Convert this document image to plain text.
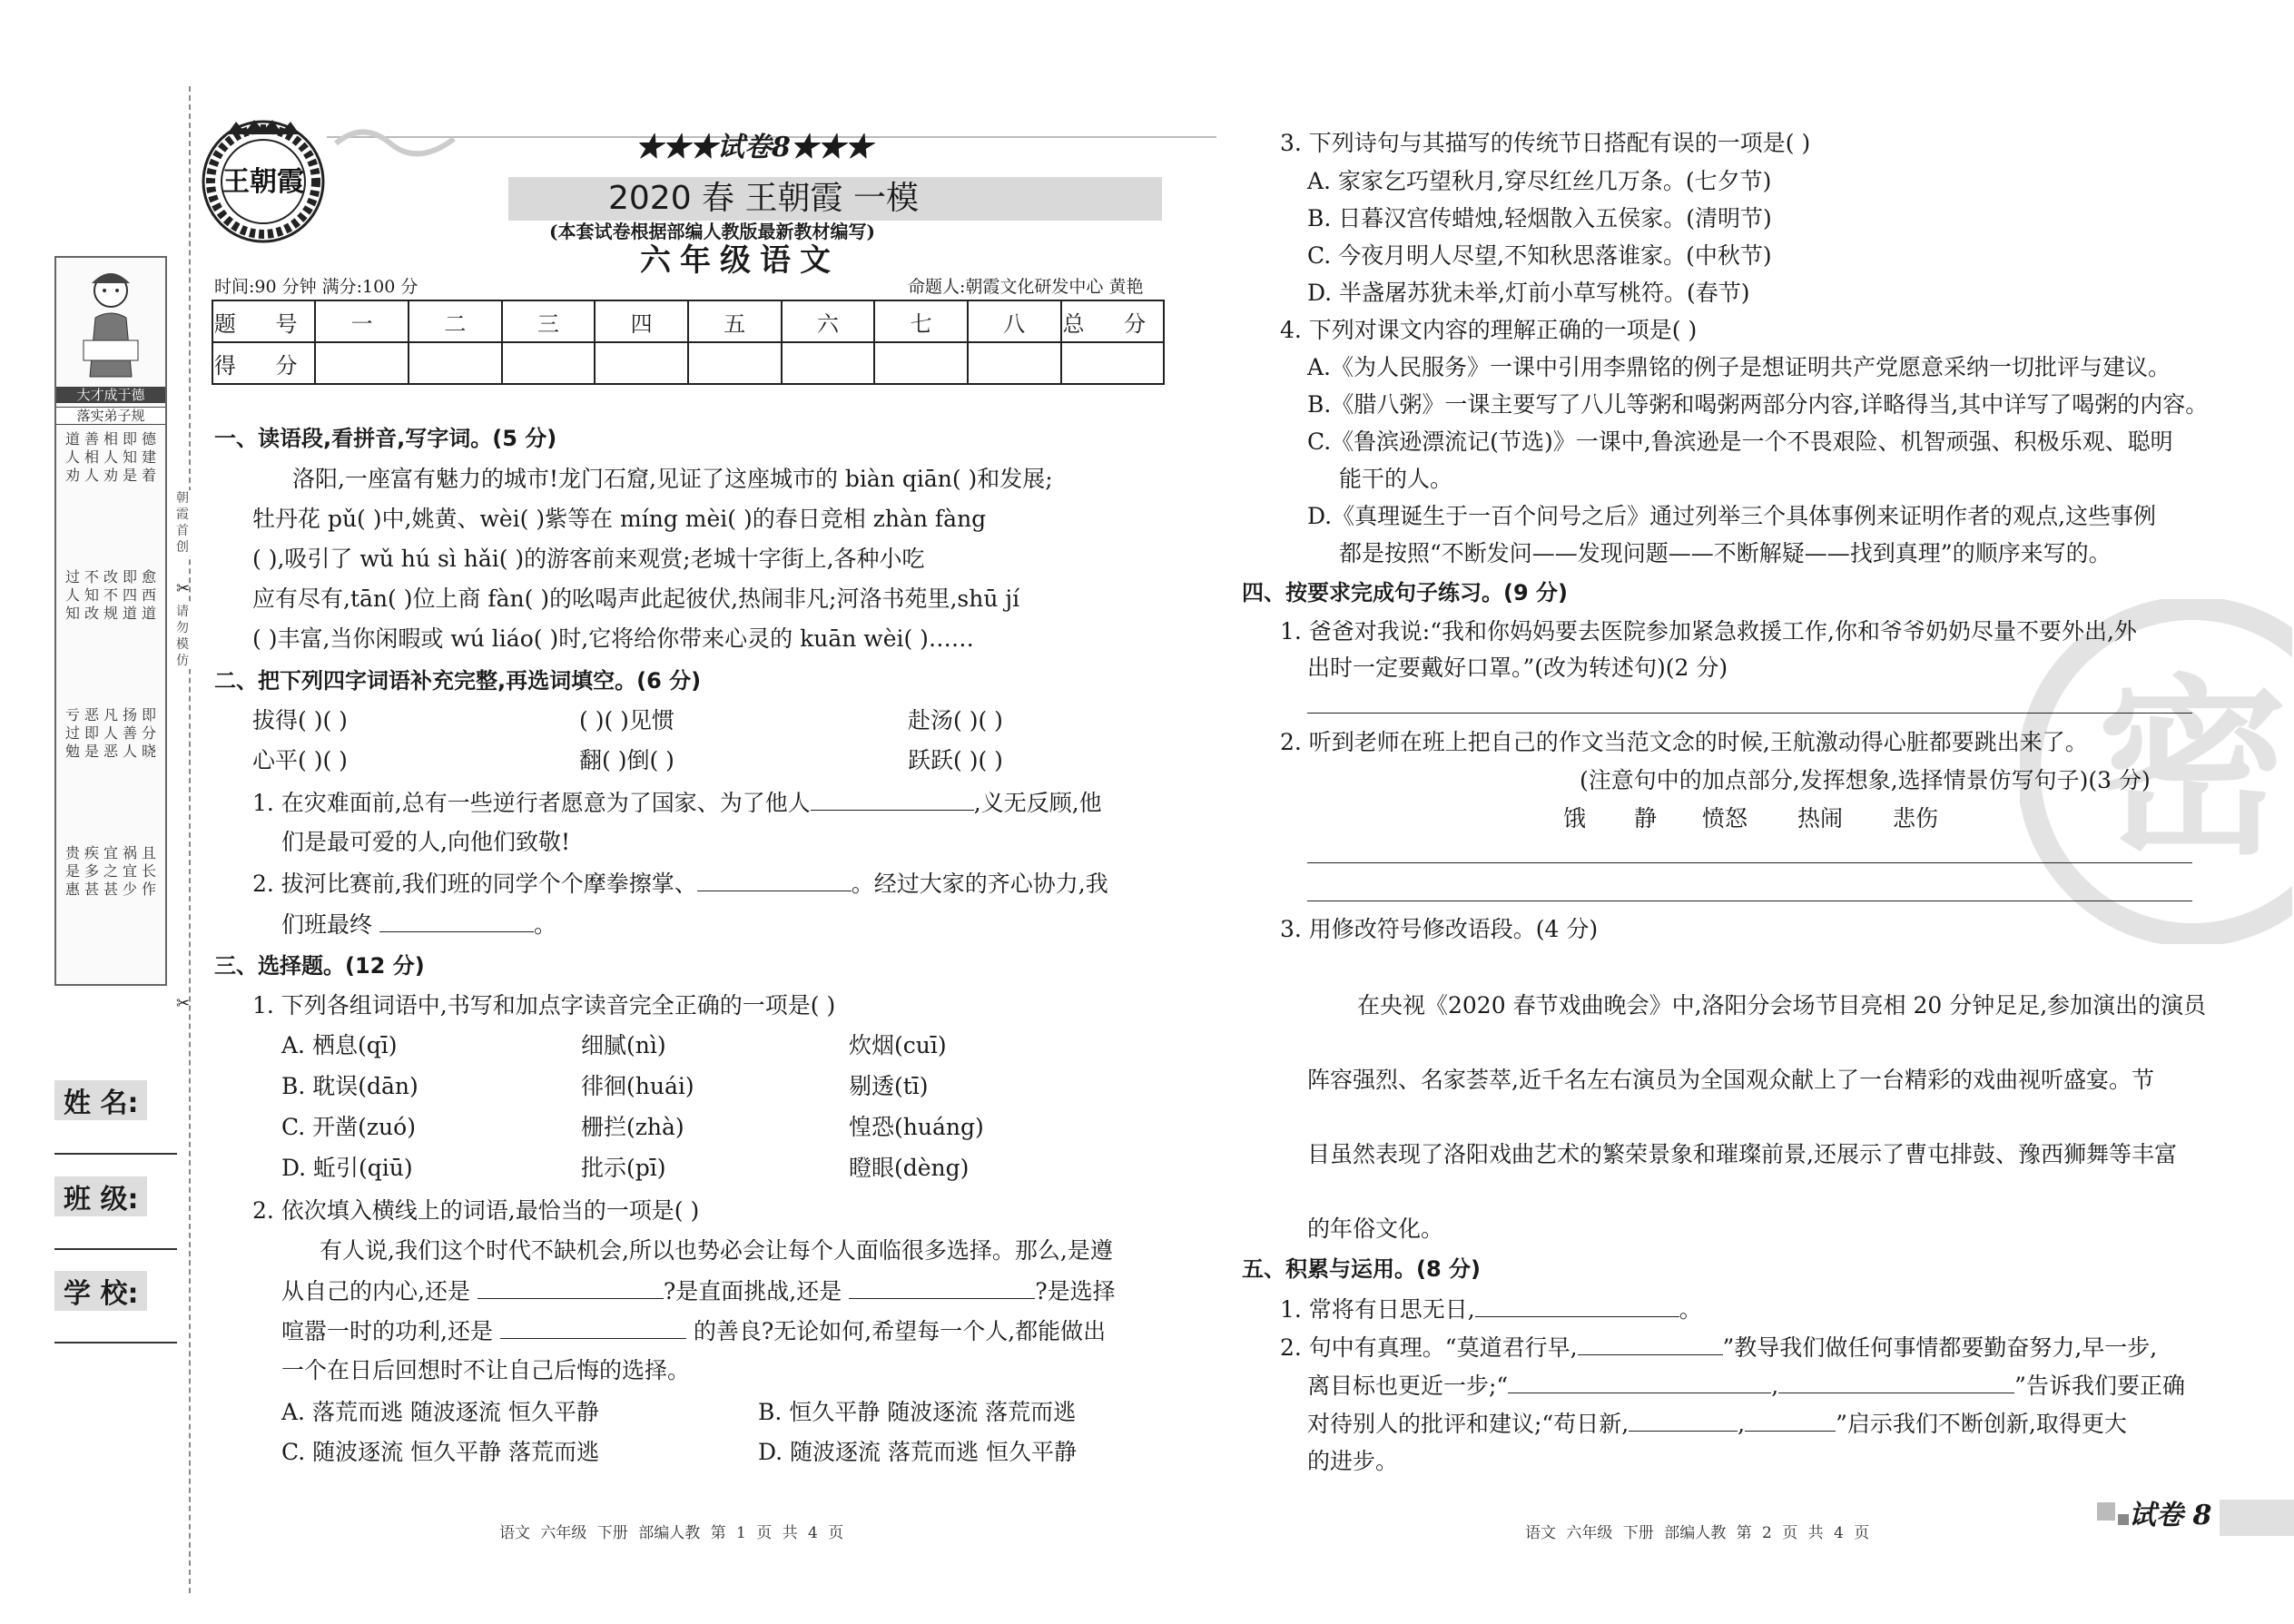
大才成于德
落实弟子规
道人劝
善相人
相人劝
即知是
德建着
过人知
不知改
改不规
即四道
愈西道
亏过勉
恶即是
凡人恶
扬善人
即分晓
贵是惠
疾多甚
宜之甚
祸宜少
且长作
朝霞首创
请勿模仿
✂
✂
姓 名:
班 级:
学 校:
王朝霞
★★★试卷8★★★
2020 春 王朝霞 一模
(本套试卷根据部编人教版最新教材编写)
六年级语文
时间:90 分钟 满分:100 分	命题人:朝霞文化研发中心 黄艳
题 号	一	二	三	四	五	六	七	八	总 分
得 分									
一、读语段,看拼音,写字词。(5 分)
洛阳,一座富有魅力的城市!龙门石窟,见证了这座城市的 biàn qiān( )和发展;
牡丹花 pǔ( )中,姚黄、wèi( )紫等在 míng mèi( )的春日竞相 zhàn fàng
( ),吸引了 wǔ hú sì hǎi( )的游客前来观赏;老城十字街上,各种小吃
应有尽有,tān( )位上商 fàn( )的吆喝声此起彼伏,热闹非凡;河洛书苑里,shū jí
( )丰富,当你闲暇或 wú liáo( )时,它将给你带来心灵的 kuān wèi( )……
二、把下列四字词语补充完整,再选词填空。(6 分)
拔得( )( )	( )( )见惯	赴汤( )( )
心平( )( )	翻( )倒( )	跃跃( )( )
1. 在灾难面前,总有一些逆行者愿意为了国家、为了他人	,义无反顾,他
们是最可爱的人,向他们致敬!
2. 拔河比赛前,我们班的同学个个摩拳擦掌、	。经过大家的齐心协力,我
们班最终	。
三、选择题。(12 分)
1. 下列各组词语中,书写和加点字读音完全正确的一项是( )
A. 栖息(qī)	细腻(nì)	炊烟(cuī)
B. 耽误(dān)	徘徊(huái)	剔透(tī)
C. 开凿(zuó)	栅拦(zhà)	惶恐(huáng)
D. 蚯引(qiū)	批示(pī)	瞪眼(dèng)
2. 依次填入横线上的词语,最恰当的一项是( )
有人说,我们这个时代不缺机会,所以也势必会让每个人面临很多选择。那么,是遵
从自己的内心,还是	?是直面挑战,还是	?是选择
喧嚣一时的功利,还是	的善良?无论如何,希望每一个人,都能做出
一个在日后回想时不让自己后悔的选择。
A. 落荒而逃 随波逐流 恒久平静	B. 恒久平静 随波逐流 落荒而逃
C. 随波逐流 恒久平静 落荒而逃	D. 随波逐流 落荒而逃 恒久平静
密
3. 下列诗句与其描写的传统节日搭配有误的一项是( )
A. 家家乞巧望秋月,穿尽红丝几万条。(七夕节)
B. 日暮汉宫传蜡烛,轻烟散入五侯家。(清明节)
C. 今夜月明人尽望,不知秋思落谁家。(中秋节)
D. 半盏屠苏犹未举,灯前小草写桃符。(春节)
4. 下列对课文内容的理解正确的一项是( )
A.《为人民服务》一课中引用李鼎铭的例子是想证明共产党愿意采纳一切批评与建议。
B.《腊八粥》一课主要写了八儿等粥和喝粥两部分内容,详略得当,其中详写了喝粥的内容。
C.《鲁滨逊漂流记(节选)》一课中,鲁滨逊是一个不畏艰险、机智顽强、积极乐观、聪明
能干的人。
D.《真理诞生于一百个问号之后》通过列举三个具体事例来证明作者的观点,这些事例
都是按照“不断发问——发现问题——不断解疑——找到真理”的顺序来写的。
四、按要求完成句子练习。(9 分)
1. 爸爸对我说:“我和你妈妈要去医院参加紧急救援工作,你和爷爷奶奶尽量不要外出,外
出时一定要戴好口罩。”(改为转述句)(2 分)
2. 听到老师在班上把自己的作文当范文念的时候,王航激动得心脏都要跳出来了。
(注意句中的加点部分,发挥想象,选择情景仿写句子)(3 分)
饿 静 愤怒 热闹 悲伤
3. 用修改符号修改语段。(4 分)
在央视《2020 春节戏曲晚会》中,洛阳分会场节目亮相 20 分钟足足,参加演出的演员
阵容强烈、名家荟萃,近千名左右演员为全国观众献上了一台精彩的戏曲视听盛宴。节
目虽然表现了洛阳戏曲艺术的繁荣景象和璀璨前景,还展示了曹屯排鼓、豫西狮舞等丰富
的年俗文化。
五、积累与运用。(8 分)
1. 常将有日思无日,	。
2. 句中有真理。“莫道君行早,	”教导我们做任何事情都要勤奋努力,早一步,
离目标也更近一步;“	,	”告诉我们要正确
对待别人的批评和建议;“苟日新,	,	”启示我们不断创新,取得更大
的进步。
语文 六年级 下册 部编人教 第 1 页 共 4 页	语文 六年级 下册 部编人教 第 2 页 共 4 页
试卷 8
